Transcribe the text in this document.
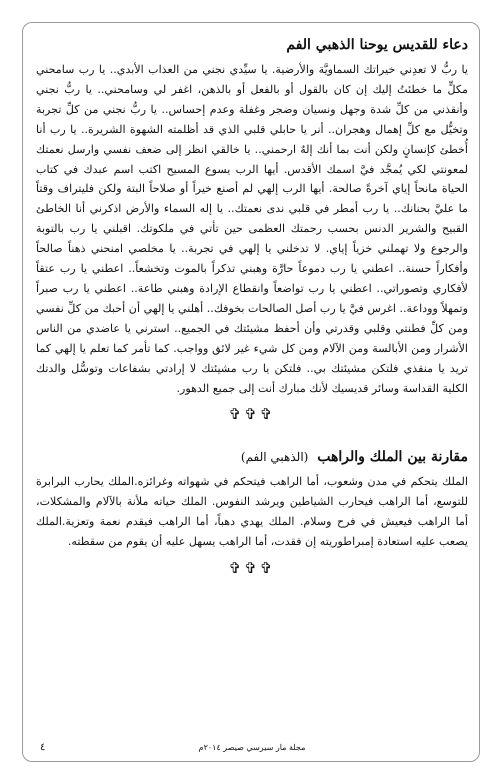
دعاء للقديس يوحنا الذهبي الفم

يا ربُّ لا تعدِني خيراتك السماويَّة والأرضية. يا سيِّدي نجني من العذاب الأبدي.. يا رب سامحني مكلٍّ ما خطئتُ إليك إن كان بالقول أو بالفعل أو بالذهن، اغفر لي وسامحني.. يا ربُّ نجني وأنقذني من كلِّ شدة وجهل ونسيان وضجر وغفلة وعدم إحساس.. يا ربُّ نجني من كلِّ تجربة وتخيُّل مع كلِّ إهمال وهجران.. أنر يا حابلي قلبي الذي قد أظلمته الشهوة الشريرة.. يا رب أنا أُخطئ كإنسانٍ ولكن أنت بما أنك إلهٌ ارحمني.. يا خالقي انظر إلى ضعف نفسي وارسل نعمتك لمعونتي لكي يُمجَّد فيَّ اسمك الأقدس. أيها الرب يسوع المسيح اكتب اسم عبدك في كتاب الحياة مانحاً إياي آخرةً صالحة. أيها الرب إلهي لم أصنع خيراً أو صلاحاً البتة ولكن فليتراف وقتاً ما عليَّ بحنانك.. يا رب أمطر في قلبي ندى نعمتك.. يا إله السماء والأرض اذكرني أنا الخاطئ القبيح والشرير الدنس بحسب رحمتك العظمى حين تأتي في ملكوتك. اقبلني يا رب بالتوبة والرجوع ولا تهملني خزياً إياي. لا تدخلني يا إلهي في تجربة.. يا مخلصي امنحني ذهناً صالحاً وأفكاراً حسنة.. اعطني يا رب دموعاً حارَّة وهبني تذكراً بالموت وتخشعاً.. اعطني يا رب عتقاً لأفكاري وتصوراتي.. اعطني يا رب تواضعاً وانقطاع الإرادة وهبني طاعة.. اعطني يا رب صبراً وتمهلاً ووداعة.. اغرس فيَّ يا رب أصل الصالحات بخوفك.. أهلني يا إلهي أن أحبك من كلِّ نفسي ومن كلِّ فطنتي وقلبي وقدرتي وأن أحفظ مشيئتك في الجميع.. استرني يا عاضدي من الناس الأشرار ومن الأبالسة ومن الآلام ومن كل شيء غير لائق وواجب. كما تأمر كما تعلم يا إلهي كما تريد يا منقذي فلتكن مشيئتك بي.. فلتكن يا رب مشيئتك لا إرادتي بشفاعات وتوسُّل والدتك الكلية القداسة وسائر قديسيك لأنك مبارك أنت إلى جميع الدهور.

✞✞✞
مقارنة بين الملك والراهب (الذهبي الفم)

الملك يتحكم في مدن وشعوب، أما الراهب فيتحكم في شهواته وغرائزه.الملك يحارب البرابرة للتوسع، أما الراهب فيحارب الشياطين ويرشد النفوس. الملك حياته ملأنة بالآلام والمشكلات، أما الراهب فيعيش في فرح وسلام. الملك يهدي دهباً، أما الراهب فيقدم نعمة وتعزية.الملك يصعب عليه استعادة إمبراطوريته إن فقدت، أما الراهب يسهل عليه أن يقوم من سقطته.

✞✞✞
مجلة مار سيرسي صيصر ٢٠١٤م
٤
